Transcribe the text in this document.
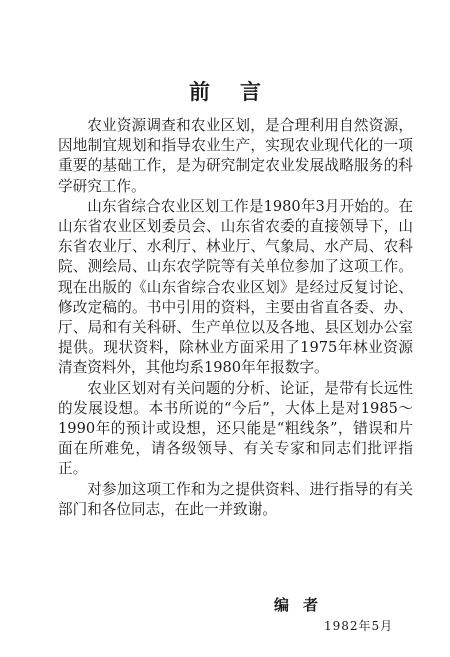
前言

农业资源调查和农业区划，是合理利用自然资源，因地制宜规划和指导农业生产，实现农业现代化的一项重要的基础工作，是为研究制定农业发展战略服务的科学研究工作。

山东省综合农业区划工作是1980年3月开始的。在山东省农业区划委员会、山东省农委的直接领导下，山东省农业厅、水利厅、林业厅、气象局、水产局、农科院、测绘局、山东农学院等有关单位参加了这项工作。现在出版的《山东省综合农业区划》是经过反复讨论、修改定稿的。书中引用的资料，主要由省直各委、办、厅、局和有关科研、生产单位以及各地、县区划办公室提供。现状资料，除林业方面采用了1975年林业资源清查资料外，其他均系1980年年报数字。

农业区划对有关问题的分析、论证，是带有长远性的发展设想。本书所说的“今后”，大体上是对1985～1990年的预计或设想，还只能是“粗线条”，错误和片面在所难免，请各级领导、有关专家和同志们批评指正。

对参加这项工作和为之提供资料、进行指导的有关部门和各位同志，在此一并致谢。

编者
1982年5月
